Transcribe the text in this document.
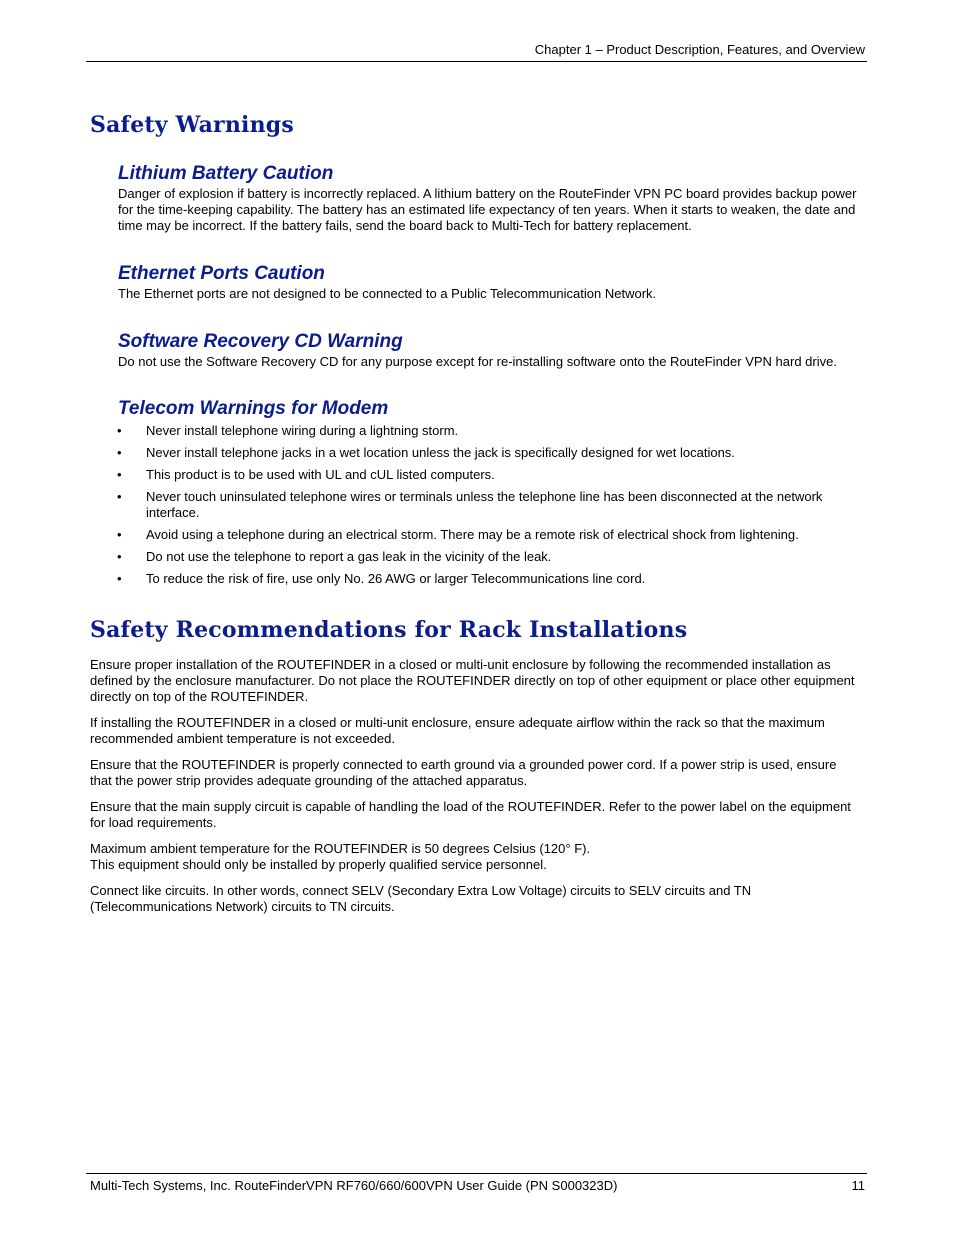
Chapter 1 – Product Description, Features, and Overview
Safety Warnings
Lithium Battery Caution

Danger of explosion if battery is incorrectly replaced. A lithium battery on the RouteFinder VPN PC board provides backup power for the time-keeping capability. The battery has an estimated life expectancy of ten years. When it starts to weaken, the date and time may be incorrect. If the battery fails, send the board back to Multi-Tech for battery replacement.

Ethernet Ports Caution

The Ethernet ports are not designed to be connected to a Public Telecommunication Network.

Software Recovery CD Warning

Do not use the Software Recovery CD for any purpose except for re-installing software onto the RouteFinder VPN hard drive.

Telecom Warnings for Modem
• Never install telephone wiring during a lightning storm.
• Never install telephone jacks in a wet location unless the jack is specifically designed for wet locations.
• This product is to be used with UL and cUL listed computers.
• Never touch uninsulated telephone wires or terminals unless the telephone line has been disconnected at the network interface.
• Avoid using a telephone during an electrical storm. There may be a remote risk of electrical shock from lightening.
• Do not use the telephone to report a gas leak in the vicinity of the leak.
• To reduce the risk of fire, use only No. 26 AWG or larger Telecommunications line cord.
Safety Recommendations for Rack Installations

Ensure proper installation of the ROUTEFINDER in a closed or multi-unit enclosure by following the recommended installation as defined by the enclosure manufacturer. Do not place the ROUTEFINDER directly on top of other equipment or place other equipment directly on top of the ROUTEFINDER.

If installing the ROUTEFINDER in a closed or multi-unit enclosure, ensure adequate airflow within the rack so that the maximum recommended ambient temperature is not exceeded.

Ensure that the ROUTEFINDER is properly connected to earth ground via a grounded power cord. If a power strip is used, ensure that the power strip provides adequate grounding of the attached apparatus.

Ensure that the main supply circuit is capable of handling the load of the ROUTEFINDER. Refer to the power label on the equipment for load requirements.

Maximum ambient temperature for the ROUTEFINDER is 50 degrees Celsius (120° F).
This equipment should only be installed by properly qualified service personnel.

Connect like circuits. In other words, connect SELV (Secondary Extra Low Voltage) circuits to SELV circuits and TN (Telecommunications Network) circuits to TN circuits.

Multi-Tech Systems, Inc. RouteFinderVPN RF760/660/600VPN User Guide (PN S000323D)	11
